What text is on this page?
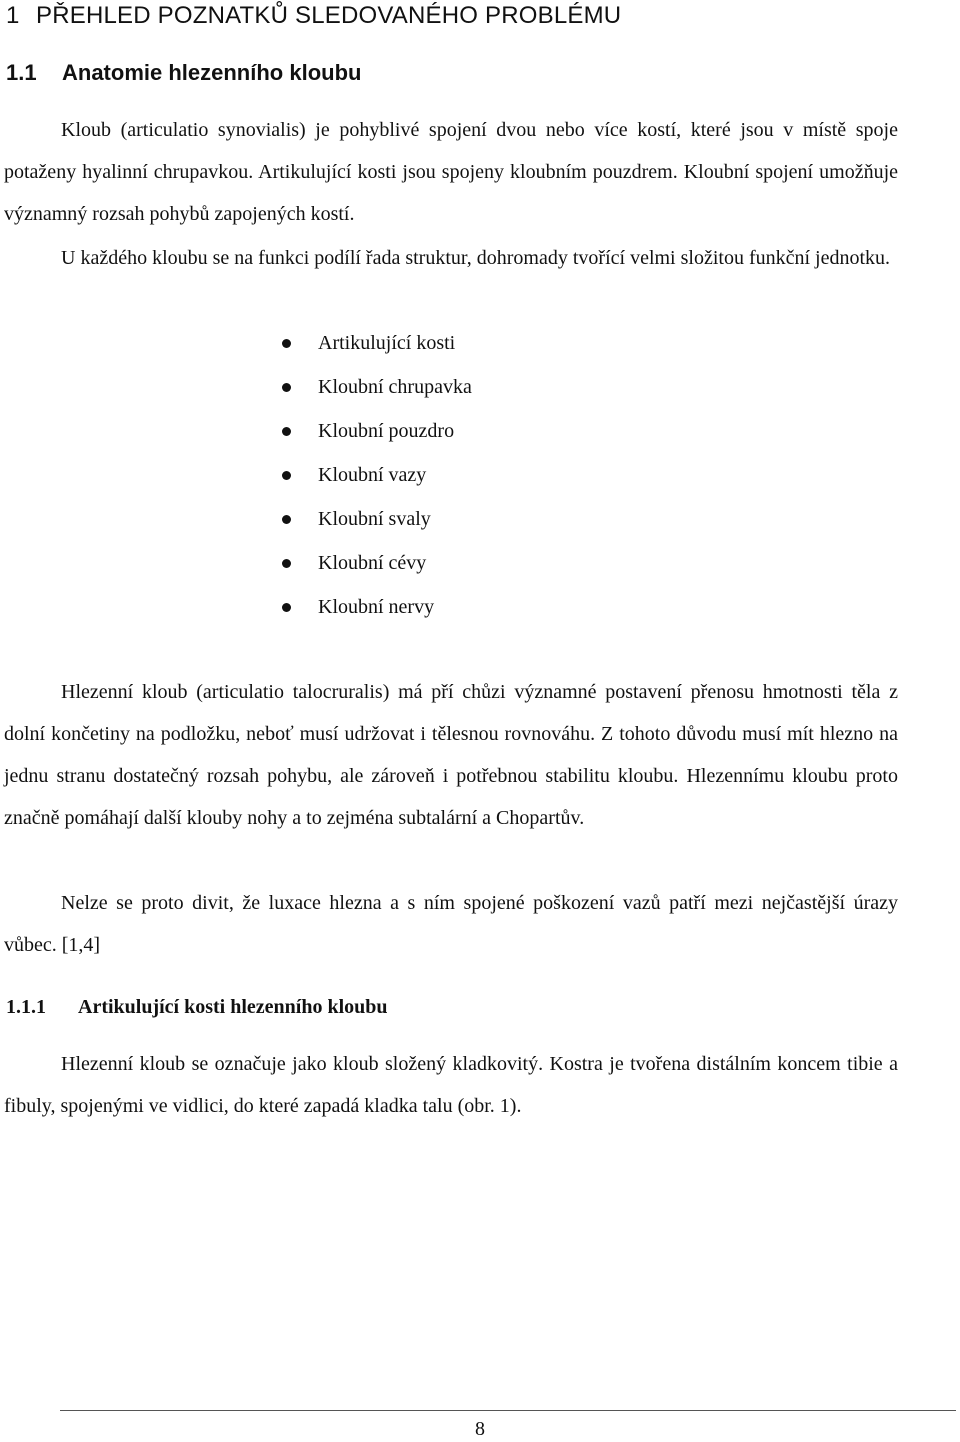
1 PŘEHLED POZNATKŮ SLEDOVANÉHO PROBLÉMU
1.1 Anatomie hlezenního kloubu

Kloub (articulatio synovialis) je pohyblivé spojení dvou nebo více kostí, které jsou v místě spoje potaženy hyalinní chrupavkou. Artikulující kosti jsou spojeny kloubním pouzdrem. Kloubní spojení umožňuje významný rozsah pohybů zapojených kostí.

U každého kloubu se na funkci podílí řada struktur, dohromady tvořící velmi složitou funkční jednotku.

Artikulující kosti
Kloubní chrupavka
Kloubní pouzdro
Kloubní vazy
Kloubní svaly
Kloubní cévy
Kloubní nervy

Hlezenní kloub (articulatio talocruralis) má pří chůzi významné postavení přenosu hmotnosti těla z dolní končetiny na podložku, neboť musí udržovat i tělesnou rovnováhu. Z tohoto důvodu musí mít hlezno na jednu stranu dostatečný rozsah pohybu, ale zároveň i potřebnou stabilitu kloubu. Hlezennímu kloubu proto značně pomáhají další klouby nohy a to zejména subtalární a Chopartův.

Nelze se proto divit, že luxace hlezna a s ním spojené poškození vazů patří mezi nejčastější úrazy vůbec. [1,4]

1.1.1 Artikulující kosti hlezenního kloubu

Hlezenní kloub se označuje jako kloub složený kladkovitý. Kostra je tvořena distálním koncem tibie a fibuly, spojenými ve vidlici, do které zapadá kladka talu (obr. 1).

8
